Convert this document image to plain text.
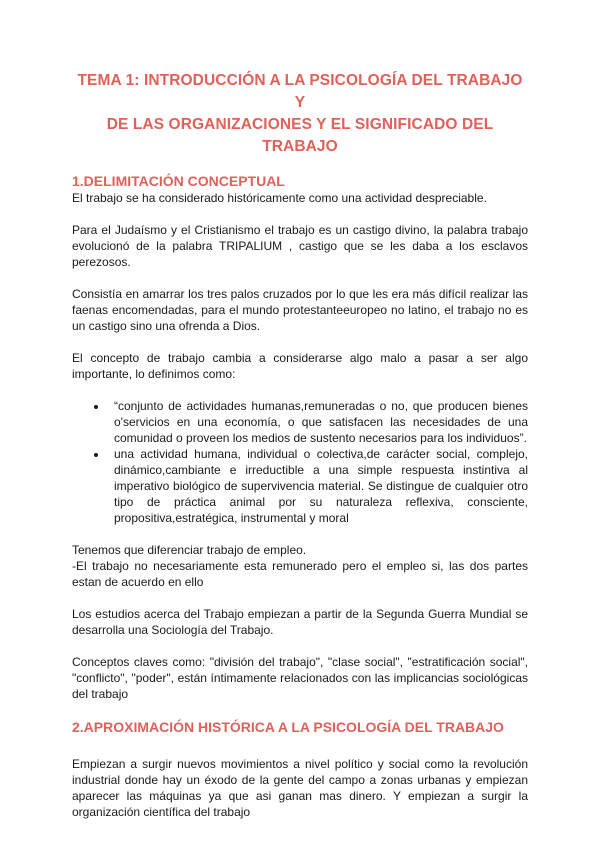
TEMA 1: INTRODUCCIÓN A LA PSICOLOGÍA DEL TRABAJO Y
DE LAS ORGANIZACIONES Y EL SIGNIFICADO DEL TRABAJO
1.DELIMITACIÓN CONCEPTUAL

El trabajo se ha considerado históricamente como una actividad despreciable.

Para el Judaísmo y el Cristianismo el trabajo es un castigo divino, la palabra trabajo evolucionó de la palabra TRIPALIUM , castigo que se les daba a los esclavos perezosos.

Consistía en amarrar los tres palos cruzados por lo que les era más difícil realizar las faenas encomendadas, para el mundo protestanteeuropeo no latino, el trabajo no es un castigo sino una ofrenda a Dios.

El concepto de trabajo cambia a considerarse algo malo a pasar a ser algo importante, lo definimos como:

• “conjunto de actividades humanas,remuneradas o no, que producen bienes o'servicios en una economía, o que satisfacen las necesidades de una comunidad o proveen los medios de sustento necesarios para los individuos”.
• una actividad humana, individual o colectiva,de carácter social, complejo, dinámico,cambiante e irreductible a una simple respuesta instintiva al imperativo biológico de supervivencia material. Se distingue de cualquier otro tipo de práctica animal por su naturaleza reflexiva, consciente, propositiva,estratégica, instrumental y moral

Tenemos que diferenciar trabajo de empleo.

-El trabajo no necesariamente esta remunerado pero el empleo si, las dos partes estan de acuerdo en ello

Los estudios acerca del Trabajo empiezan a partir de la Segunda Guerra Mundial se desarrolla una Sociología del Trabajo.

Conceptos claves como: "división del trabajo", "clase social", "estratificación social", "conflicto", "poder", están íntimamente relacionados con las implicancias sociológicas del trabajo

2.APROXIMACIÓN HISTÓRICA A LA PSICOLOGÍA DEL TRABAJO

Empiezan a surgir nuevos movimientos a nivel político y social como la revolución industrial donde hay un éxodo de la gente del campo a zonas urbanas y empiezan aparecer las máquinas ya que asi ganan mas dinero. Y empiezan a surgir la organización científica del trabajo
